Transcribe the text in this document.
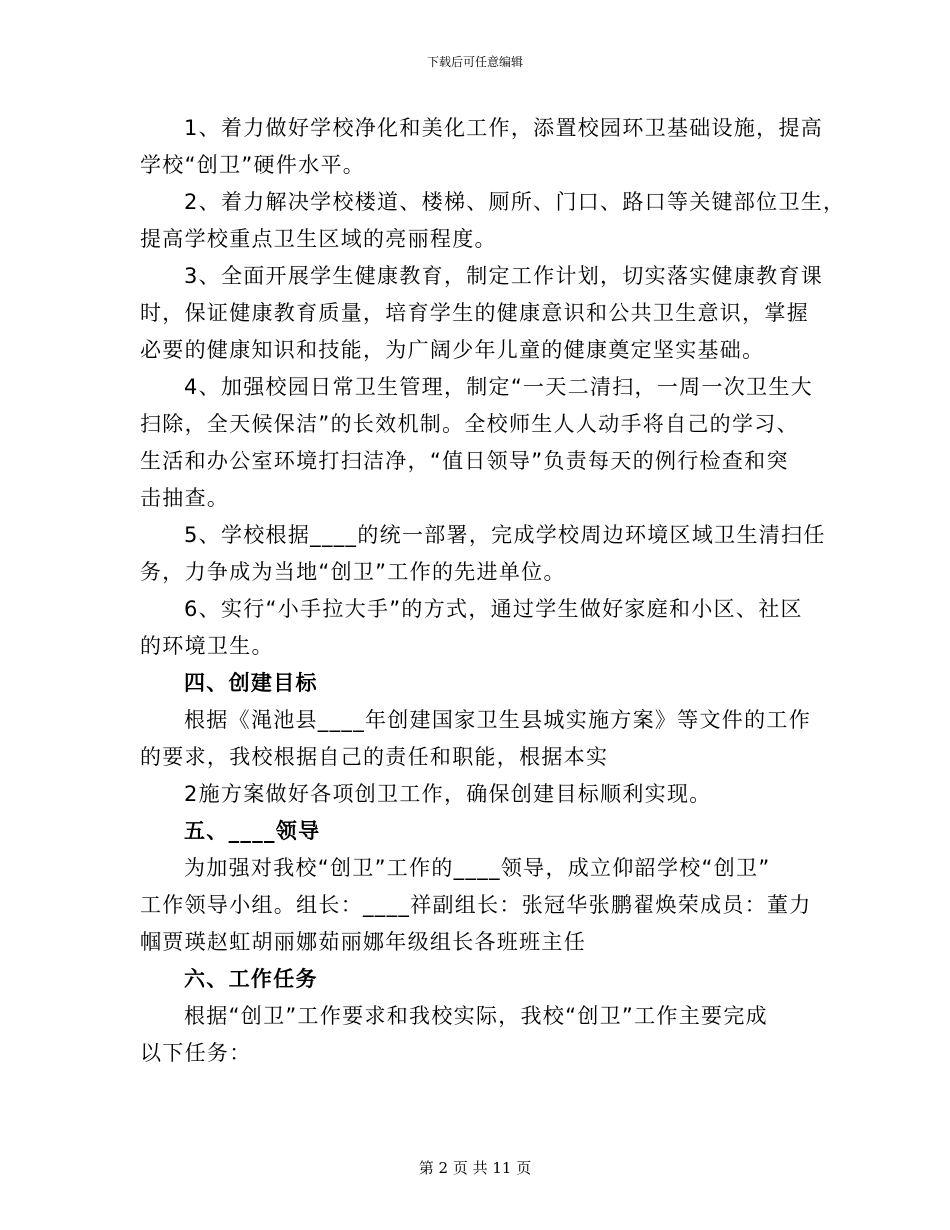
下载后可任意编辑
1、着力做好学校净化和美化工作，添置校园环卫基础设施，提高
学校“创卫”硬件水平。
2、着力解决学校楼道、楼梯、厕所、门口、路口等关键部位卫生，
提高学校重点卫生区域的亮丽程度。
3、全面开展学生健康教育，制定工作计划，切实落实健康教育课
时，保证健康教育质量，培育学生的健康意识和公共卫生意识，掌握
必要的健康知识和技能，为广阔少年儿童的健康奠定坚实基础。
4、加强校园日常卫生管理，制定“一天二清扫，一周一次卫生大
扫除，全天候保洁”的长效机制。全校师生人人动手将自己的学习、
生活和办公室环境打扫洁净，“值日领导”负责每天的例行检查和突
击抽查。
5、学校根据____的统一部署，完成学校周边环境区域卫生清扫任
务，力争成为当地“创卫”工作的先进单位。
6、实行“小手拉大手”的方式，通过学生做好家庭和小区、社区
的环境卫生。
四、创建目标
根据《渑池县____年创建国家卫生县城实施方案》等文件的工作
的要求，我校根据自己的责任和职能，根据本实
2施方案做好各项创卫工作，确保创建目标顺利实现。
五、____领导
为加强对我校“创卫”工作的____领导，成立仰韶学校“创卫”
工作领导小组。组长：____祥副组长：张冠华张鹏翟焕荣成员：董力
帼贾瑛赵虹胡丽娜茹丽娜年级组长各班班主任
六、工作任务
根据“创卫”工作要求和我校实际，我校“创卫”工作主要完成
以下任务：
第 2 页 共 11 页
